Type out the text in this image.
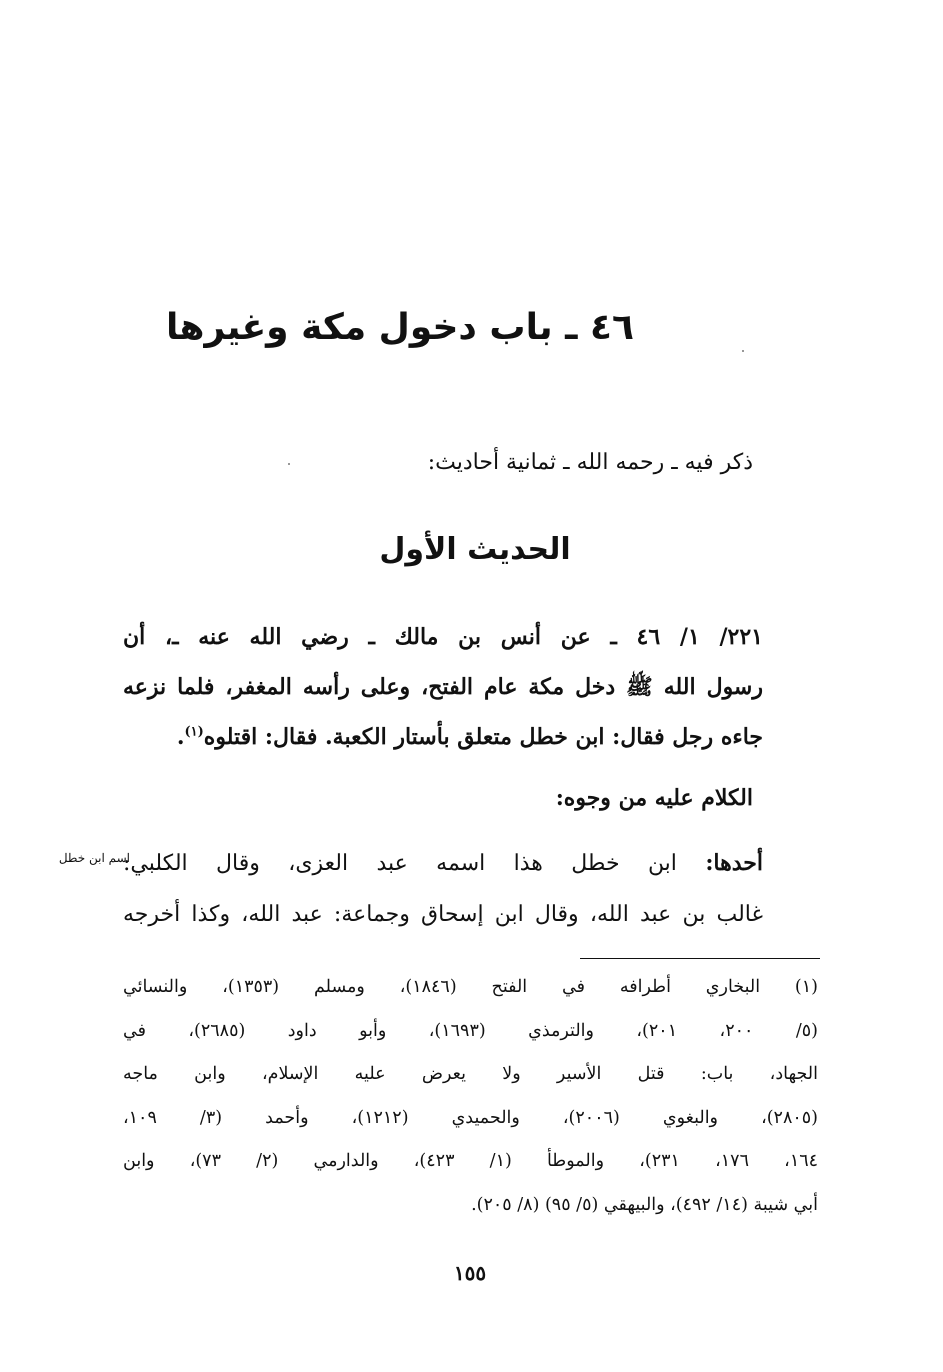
٤٦ ـ باب دخول مكة وغيرها
ذكر فيه ـ رحمه الله ـ ثمانية أحاديث:
الحديث الأول
٢٢١/ ١/ ٤٦ ـ عن أنس بن مالك ـ رضي الله عنه ـ، أن
رسول الله ﷺ دخل مكة عام الفتح، وعلى رأسه المغفر، فلما نزعه
جاءه رجل فقال: ابن خطل متعلق بأستار الكعبة. فقال: اقتلوه$^{(١)}$.
الكلام عليه من وجوه:
أحدها: ابن خطل هذا اسمه عبد العزى، وقال الكلبي:
غالب بن عبد الله، وقال ابن إسحاق وجماعة: عبد الله، وكذا أخرجه
اسم ابن خطل
(١) البخاري أطرافه في الفتح (١٨٤٦)، ومسلم (١٣٥٣)، والنسائي
(٥/ ٢٠٠، ٢٠١)، والترمذي (١٦٩٣)، وأبو داود (٢٦٨٥)، في
الجهاد، باب: قتل الأسير ولا يعرض عليه الإسلام، وابن ماجه
(٢٨٠٥)، والبغوي (٢٠٠٦)، والحميدي (١٢١٢)، وأحمد (٣/ ١٠٩،
١٦٤، ١٧٦، ٢٣١)، والموطأ (١/ ٤٢٣)، والدارمي (٢/ ٧٣)، وابن
أبي شيبة (١٤/ ٤٩٢)، والبيهقي (٥/ ٩٥) (٨/ ٢٠٥).
١٥٥
